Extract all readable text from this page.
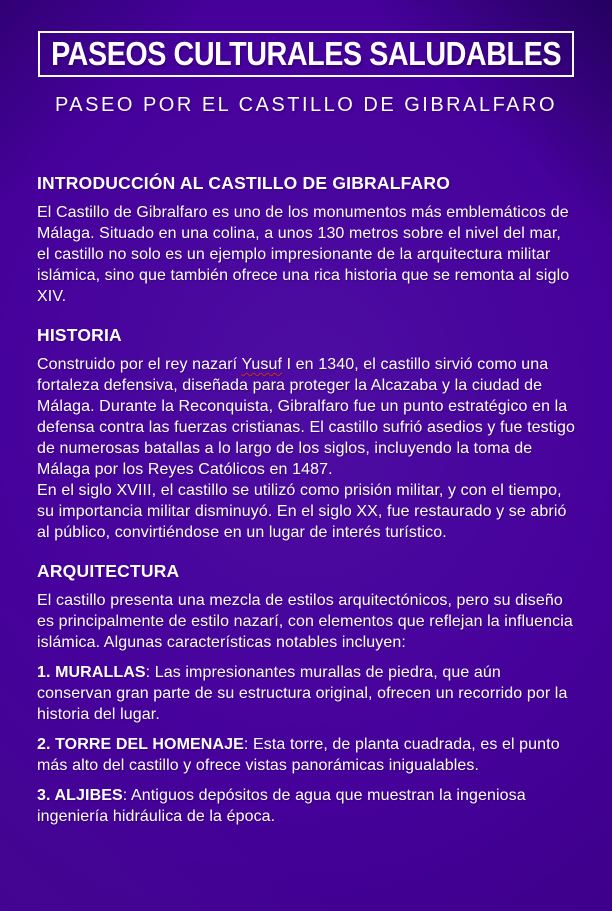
PASEOS CULTURALES SALUDABLES
PASEO POR EL CASTILLO DE GIBRALFARO
INTRODUCCIÓN AL CASTILLO DE GIBRALFARO

El Castillo de Gibralfaro es uno de los monumentos más emblemáticos de Málaga. Situado en una colina, a unos 130 metros sobre el nivel del mar, el castillo no solo es un ejemplo impresionante de la arquitectura militar islámica, sino que también ofrece una rica historia que se remonta al siglo XIV.

HISTORIA

Construido por el rey nazarí Yusuf I en 1340, el castillo sirvió como una fortaleza defensiva, diseñada para proteger la Alcazaba y la ciudad de Málaga. Durante la Reconquista, Gibralfaro fue un punto estratégico en la defensa contra las fuerzas cristianas. El castillo sufrió asedios y fue testigo de numerosas batallas a lo largo de los siglos, incluyendo la toma de Málaga por los Reyes Católicos en 1487.

En el siglo XVIII, el castillo se utilizó como prisión militar, y con el tiempo, su importancia militar disminuyó. En el siglo XX, fue restaurado y se abrió al público, convirtiéndose en un lugar de interés turístico.

ARQUITECTURA

El castillo presenta una mezcla de estilos arquitectónicos, pero su diseño es principalmente de estilo nazarí, con elementos que reflejan la influencia islámica. Algunas características notables incluyen:

1. MURALLAS: Las impresionantes murallas de piedra, que aún conservan gran parte de su estructura original, ofrecen un recorrido por la historia del lugar.

2. TORRE DEL HOMENAJE: Esta torre, de planta cuadrada, es el punto más alto del castillo y ofrece vistas panorámicas inigualables.

3. ALJIBES: Antiguos depósitos de agua que muestran la ingeniosa ingeniería hidráulica de la época.
